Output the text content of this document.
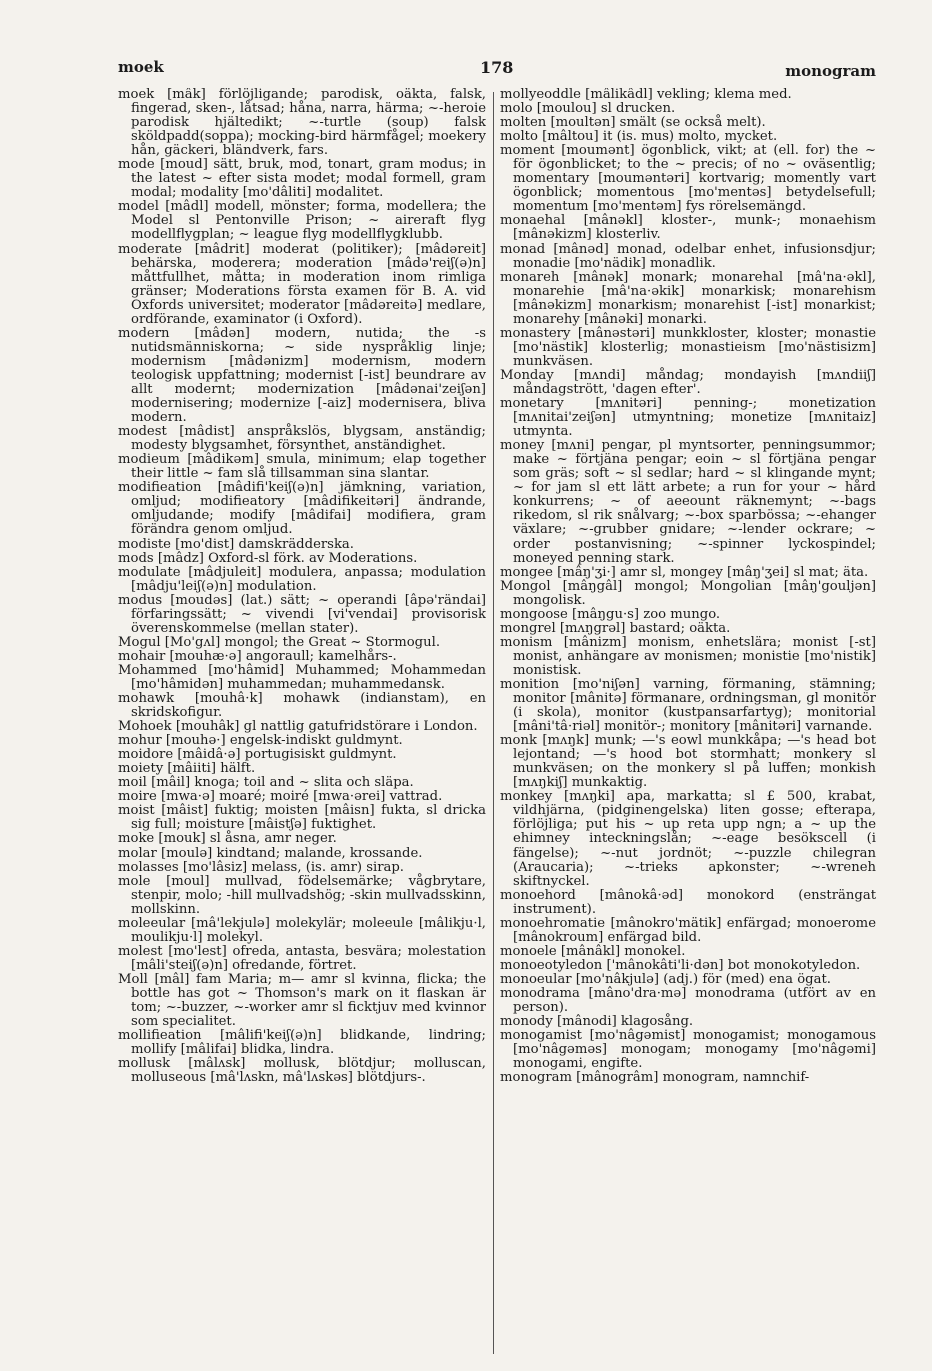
moek	178	monogram

moek [mâk] förlöjligande; parodisk, oäkta, falsk, fingerad, sken-, låtsad; håna, narra, härma; ~-heroie parodisk hjältedikt; ~-turtle (soup) falsk sköldpadd(soppa); mocking-bird härmfågel; moekery hån, gäckeri, bländverk, fars.

mode [moud] sätt, bruk, mod, tonart, gram modus; in the latest ~ efter sista modet; modal formell, gram modal; modality [mo'dâliti] modalitet.

model [mâdl] modell, mönster; forma, modellera; the Model sl Pentonville Prison; ~ aireraft flyg modellflygplan; ~ league flyg modellflygklubb.

moderate [mâdrit] moderat (politiker); [mâdəreit] behärska, moderera; moderation [mâdə'reiʃ(ə)n] måttfullhet, måtta; in moderation inom rimliga gränser; Moderations första examen för B. A. vid Oxfords universitet; moderator [mâdəreitə] medlare, ordförande, examinator (i Oxford).

modern [mâdən] modern, nutida; the -s nutidsmänniskorna; ~ side nyspråklig linje; modernism [mâdənizm] modernism, modern teologisk uppfattning; modernist [-ist] beundrare av allt modernt; modernization [mâdənai'zeiʃən] modernisering; modernize [-aiz] modernisera, bliva modern.

modest [mâdist] anspråkslös, blygsam, anständig; modesty blygsamhet, försynthet, anständighet.

modieum [mâdikəm] smula, minimum; elap together their little ~ fam slå tillsamman sina slantar.

modifieation [mâdifi'keiʃ(ə)n] jämkning, variation, omljud; modifieatory [mâdifikeitəri] ändrande, omljudande; modify [mâdifai] modifiera, gram förändra genom omljud.

modiste [mo'dist] damskrädderska.

mods [mâdz] Oxford-sl förk. av Moderations.

modulate [mâdjuleit] modulera, anpassa; modulation [mâdju'leiʃ(ə)n] modulation.

modus [moudəs] (lat.) sätt; ~ operandi [âpə'rändai] förfaringssätt; ~ vivendi [vi'vendai] provisorisk överenskommelse (mellan stater).

Mogul [Mo'gʌl] mongol; the Great ~ Stormogul.

mohair [mouhæ·ə] angoraull; kamelhårs-.

Mohammed [mo'hâmid] Muhammed; Mohammedan [mo'hâmidən] muhammedan; muhammedansk.

mohawk [mouhâ·k] mohawk (indianstam), en skridskofigur.

Mohoek [mouhâk] gl nattlig gatufridstörare i London.

mohur [mouhə·] engelsk-indiskt guldmynt.

moidore [mâidâ·ə] portugisiskt guldmynt.

moiety [mâiiti] hälft.

moil [mâil] knoga; toil and ~ slita och släpa.

moire [mwa·ə] moaré; moiré [mwa·ərei] vattrad.

moist [mâist] fuktig; moisten [mâisn] fukta, sl dricka sig full; moisture [mâistʃə] fuktighet.

moke [mouk] sl åsna, amr neger.

molar [moulə] kindtand; malande, krossande.

molasses [mo'lâsiz] melass, (is. amr) sirap.

mole [moul] mullvad, födelsemärke; vågbrytare, stenpir, molo; -hill mullvadshög; -skin mullvadsskinn, mollskinn.

moleeular [mâ'lekjulə] molekylär; moleeule [mâlikju·l, moulikju·l] molekyl.

molest [mo'lest] ofreda, antasta, besvära; molestation [mâli'steiʃ(ə)n] ofredande, förtret.

Moll [mâl] fam Maria; m— amr sl kvinna, flicka; the bottle has got ~ Thomson's mark on it flaskan är tom; ~-buzzer, ~-worker amr sl ficktjuv med kvinnor som specialitet.

mollifieation [mâlifi'keiʃ(ə)n] blidkande, lindring; mollify [mâlifai] blidka, lindra.

mollusk [mâlʌsk] mollusk, blötdjur; molluscan, molluseous [mâ'lʌskn, mâ'lʌskəs] blötdjurs-.

mollyeoddle [mâlikâdl] vekling; klema med.

molo [moulou] sl drucken.

molten [moultən] smält (se också melt).

molto [mâltou] it (is. mus) molto, mycket.

moment [moumənt] ögonblick, vikt; at (ell. for) the ~ för ögonblicket; to the ~ precis; of no ~ oväsentlig; momentary [mouməntəri] kortvarig; momently vart ögonblick; momentous [mo'mentəs] betydelsefull; momentum [mo'mentəm] fys rörelsemängd.

monaehal [mânəkl] kloster-, munk-; monaehism [mânəkizm] klosterliv.

monad [mânəd] monad, odelbar enhet, infusionsdjur; monadie [mo'nädik] monadlik.

monareh [mânək] monark; monarehal [mâ'na·əkl], monarehie [mâ'na·əkik] monarkisk; monarehism [mânəkizm] monarkism; monarehist [-ist] monarkist; monarehy [mânəki] monarki.

monastery [mânəstəri] munkkloster, kloster; monastie [mo'nästik] klosterlig; monastieism [mo'nästisizm] munkväsen.

Monday [mʌndi] måndag; mondayish [mʌndiiʃ] måndagstrött, 'dagen efter'.

monetary [mʌnitəri] penning-; monetization [mʌnitai'zeiʃən] utmyntning; monetize [mʌnitaiz] utmynta.

money [mʌni] pengar, pl myntsorter, penningsummor; make ~ förtjäna pengar; eoin ~ sl förtjäna pengar som gräs; soft ~ sl sedlar; hard ~ sl klingande mynt; ~ for jam sl ett lätt arbete; a run for your ~ hård konkurrens; ~ of aeeount räknemynt; ~-bags rikedom, sl rik snålvarg; ~-box sparbössa; ~-ehanger växlare; ~-grubber gnidare; ~-lender ockrare; ~ order postanvisning; ~-spinner lyckospindel; moneyed penning stark.

mongee [mâŋ'ʒi·] amr sl, mongey [mâŋ'ʒei] sl mat; äta.

Mongol [mâŋgâl] mongol; Mongolian [mâŋ'gouljən] mongolisk.

mongoose [mâŋgu·s] zoo mungo.

mongrel [mʌŋgrəl] bastard; oäkta.

monism [mânizm] monism, enhetslära; monist [-st] monist, anhängare av monismen; monistie [mo'nistik] monistisk.

monition [mo'niʃən] varning, förmaning, stämning; monitor [mânitə] förmanare, ordningsman, gl monitör (i skola), monitor (kustpansarfartyg); monitorial [mâni'tâ·riəl] monitör-; monitory [mânitəri] varnande.

monk [mʌŋk] munk; —'s eowl munkkåpa; —'s head bot lejontand; —'s hood bot stormhatt; monkery sl munkväsen; on the monkery sl på luffen; monkish [mʌŋkiʃ] munkaktig.

monkey [mʌŋki] apa, markatta; sl £ 500, krabat, vildhjärna, (pidginengelska) liten gosse; efterapa, förlöjliga; put his ~ up reta upp ngn; a ~ up the ehimney inteckningslån; ~-eage besökscell (i fängelse); ~-nut jordnöt; ~-puzzle chilegran (Araucaria); ~-trieks apkonster; ~-wreneh skiftnyckel.

monoehord [mânokâ·əd] monokord (ensträngat instrument).

monoehromatie [mânokro'mätik] enfärgad; monoerome [mânokroum] enfärgad bild.

monoele [mânâkl] monokel.

monoeotyledon ['mânokâti'li·dən] bot monokotyledon.

monoeular [mo'nâkjulə] (adj.) för (med) ena ögat.

monodrama [mâno'dra·mə] monodrama (utfört av en person).

monody [mânodi] klagosång.

monogamist [mo'nâgəmist] monogamist; monogamous [mo'nâgəməs] monogam; monogamy [mo'nâgəmi] monogami, engifte.

monogram [mânogrâm] monogram, namnchif-
